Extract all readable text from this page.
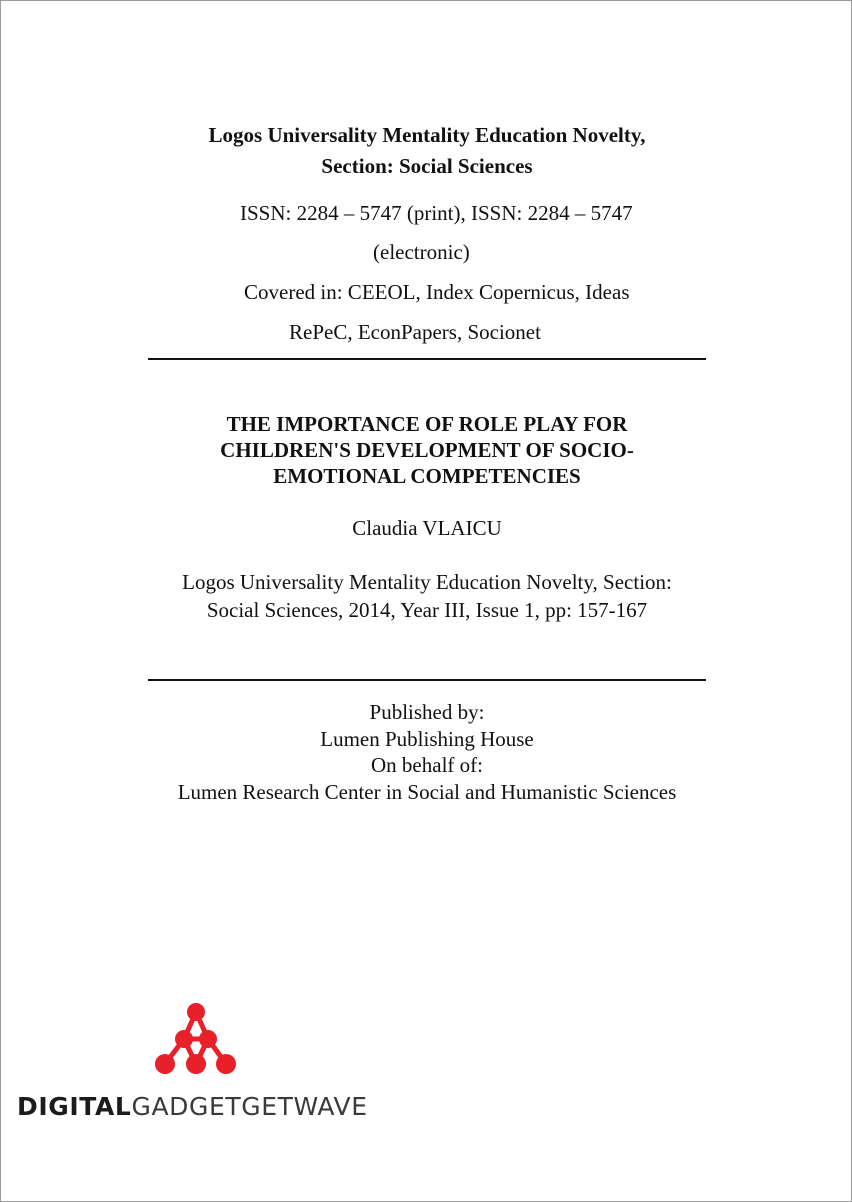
Logos Universality Mentality Education Novelty,
Section: Social Sciences
ISSN: 2284 – 5747 (print), ISSN: 2284 – 5747
(electronic)
Covered in: CEEOL, Index Copernicus, Ideas
RePeC, EconPapers, Socionet
THE IMPORTANCE OF ROLE PLAY FOR
CHILDREN'S DEVELOPMENT OF SOCIO-
EMOTIONAL COMPETENCIES
Claudia VLAICU
Logos Universality Mentality Education Novelty, Section:
Social Sciences, 2014, Year III, Issue 1, pp: 157-167
Published by:
Lumen Publishing House
On behalf of:
Lumen Research Center in Social and Humanistic Sciences
DIGITALGADGETGETWAVE
